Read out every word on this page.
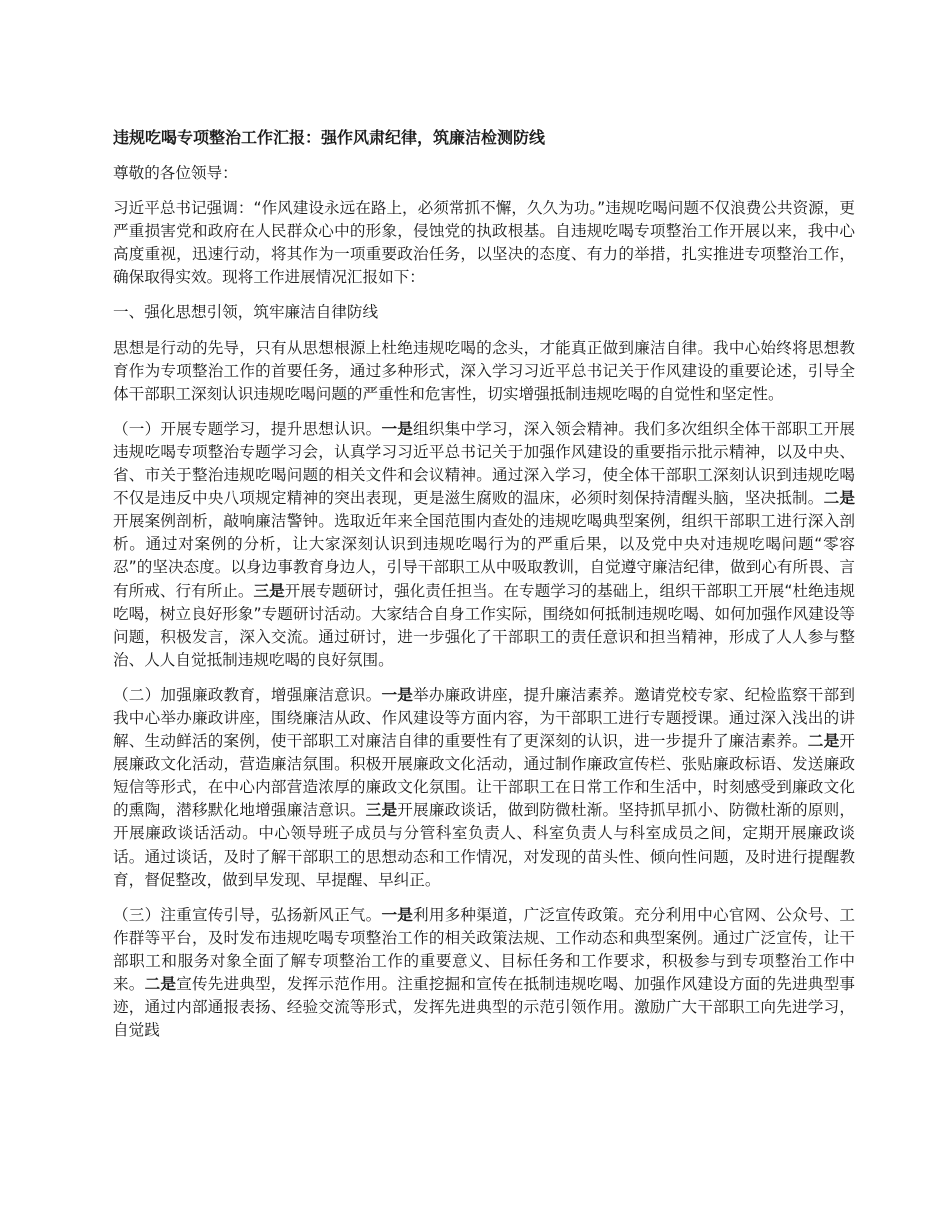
违规吃喝专项整治工作汇报：强作风肃纪律，筑廉洁检测防线

尊敬的各位领导：

习近平总书记强调：“作风建设永远在路上，必须常抓不懈，久久为功。”违规吃喝问题不仅浪费公共资源，更严重损害党和政府在人民群众心中的形象，侵蚀党的执政根基。自违规吃喝专项整治工作开展以来，我中心高度重视，迅速行动，将其作为一项重要政治任务，以坚决的态度、有力的举措，扎实推进专项整治工作，确保取得实效。现将工作进展情况汇报如下：

一、强化思想引领，筑牢廉洁自律防线

思想是行动的先导，只有从思想根源上杜绝违规吃喝的念头，才能真正做到廉洁自律。我中心始终将思想教育作为专项整治工作的首要任务，通过多种形式，深入学习习近平总书记关于作风建设的重要论述，引导全体干部职工深刻认识违规吃喝问题的严重性和危害性，切实增强抵制违规吃喝的自觉性和坚定性。

（一）开展专题学习，提升思想认识。一是组织集中学习，深入领会精神。我们多次组织全体干部职工开展违规吃喝专项整治专题学习会，认真学习习近平总书记关于加强作风建设的重要指示批示精神，以及中央、省、市关于整治违规吃喝问题的相关文件和会议精神。通过深入学习，使全体干部职工深刻认识到违规吃喝不仅是违反中央八项规定精神的突出表现，更是滋生腐败的温床，必须时刻保持清醒头脑，坚决抵制。二是开展案例剖析，敲响廉洁警钟。选取近年来全国范围内查处的违规吃喝典型案例，组织干部职工进行深入剖析。通过对案例的分析，让大家深刻认识到违规吃喝行为的严重后果，以及党中央对违规吃喝问题“零容忍”的坚决态度。以身边事教育身边人，引导干部职工从中吸取教训，自觉遵守廉洁纪律，做到心有所畏、言有所戒、行有所止。三是开展专题研讨，强化责任担当。在专题学习的基础上，组织干部职工开展“杜绝违规吃喝，树立良好形象”专题研讨活动。大家结合自身工作实际，围绕如何抵制违规吃喝、如何加强作风建设等问题，积极发言，深入交流。通过研讨，进一步强化了干部职工的责任意识和担当精神，形成了人人参与整治、人人自觉抵制违规吃喝的良好氛围。

（二）加强廉政教育，增强廉洁意识。一是举办廉政讲座，提升廉洁素养。邀请党校专家、纪检监察干部到我中心举办廉政讲座，围绕廉洁从政、作风建设等方面内容，为干部职工进行专题授课。通过深入浅出的讲解、生动鲜活的案例，使干部职工对廉洁自律的重要性有了更深刻的认识，进一步提升了廉洁素养。二是开展廉政文化活动，营造廉洁氛围。积极开展廉政文化活动，通过制作廉政宣传栏、张贴廉政标语、发送廉政短信等形式，在中心内部营造浓厚的廉政文化氛围。让干部职工在日常工作和生活中，时刻感受到廉政文化的熏陶，潜移默化地增强廉洁意识。三是开展廉政谈话，做到防微杜渐。坚持抓早抓小、防微杜渐的原则，开展廉政谈话活动。中心领导班子成员与分管科室负责人、科室负责人与科室成员之间，定期开展廉政谈话。通过谈话，及时了解干部职工的思想动态和工作情况，对发现的苗头性、倾向性问题，及时进行提醒教育，督促整改，做到早发现、早提醒、早纠正。

（三）注重宣传引导，弘扬新风正气。一是利用多种渠道，广泛宣传政策。充分利用中心官网、公众号、工作群等平台，及时发布违规吃喝专项整治工作的相关政策法规、工作动态和典型案例。通过广泛宣传，让干部职工和服务对象全面了解专项整治工作的重要意义、目标任务和工作要求，积极参与到专项整治工作中来。二是宣传先进典型，发挥示范作用。注重挖掘和宣传在抵制违规吃喝、加强作风建设方面的先进典型事迹，通过内部通报表扬、经验交流等形式，发挥先进典型的示范引领作用。激励广大干部职工向先进学习，自觉践
